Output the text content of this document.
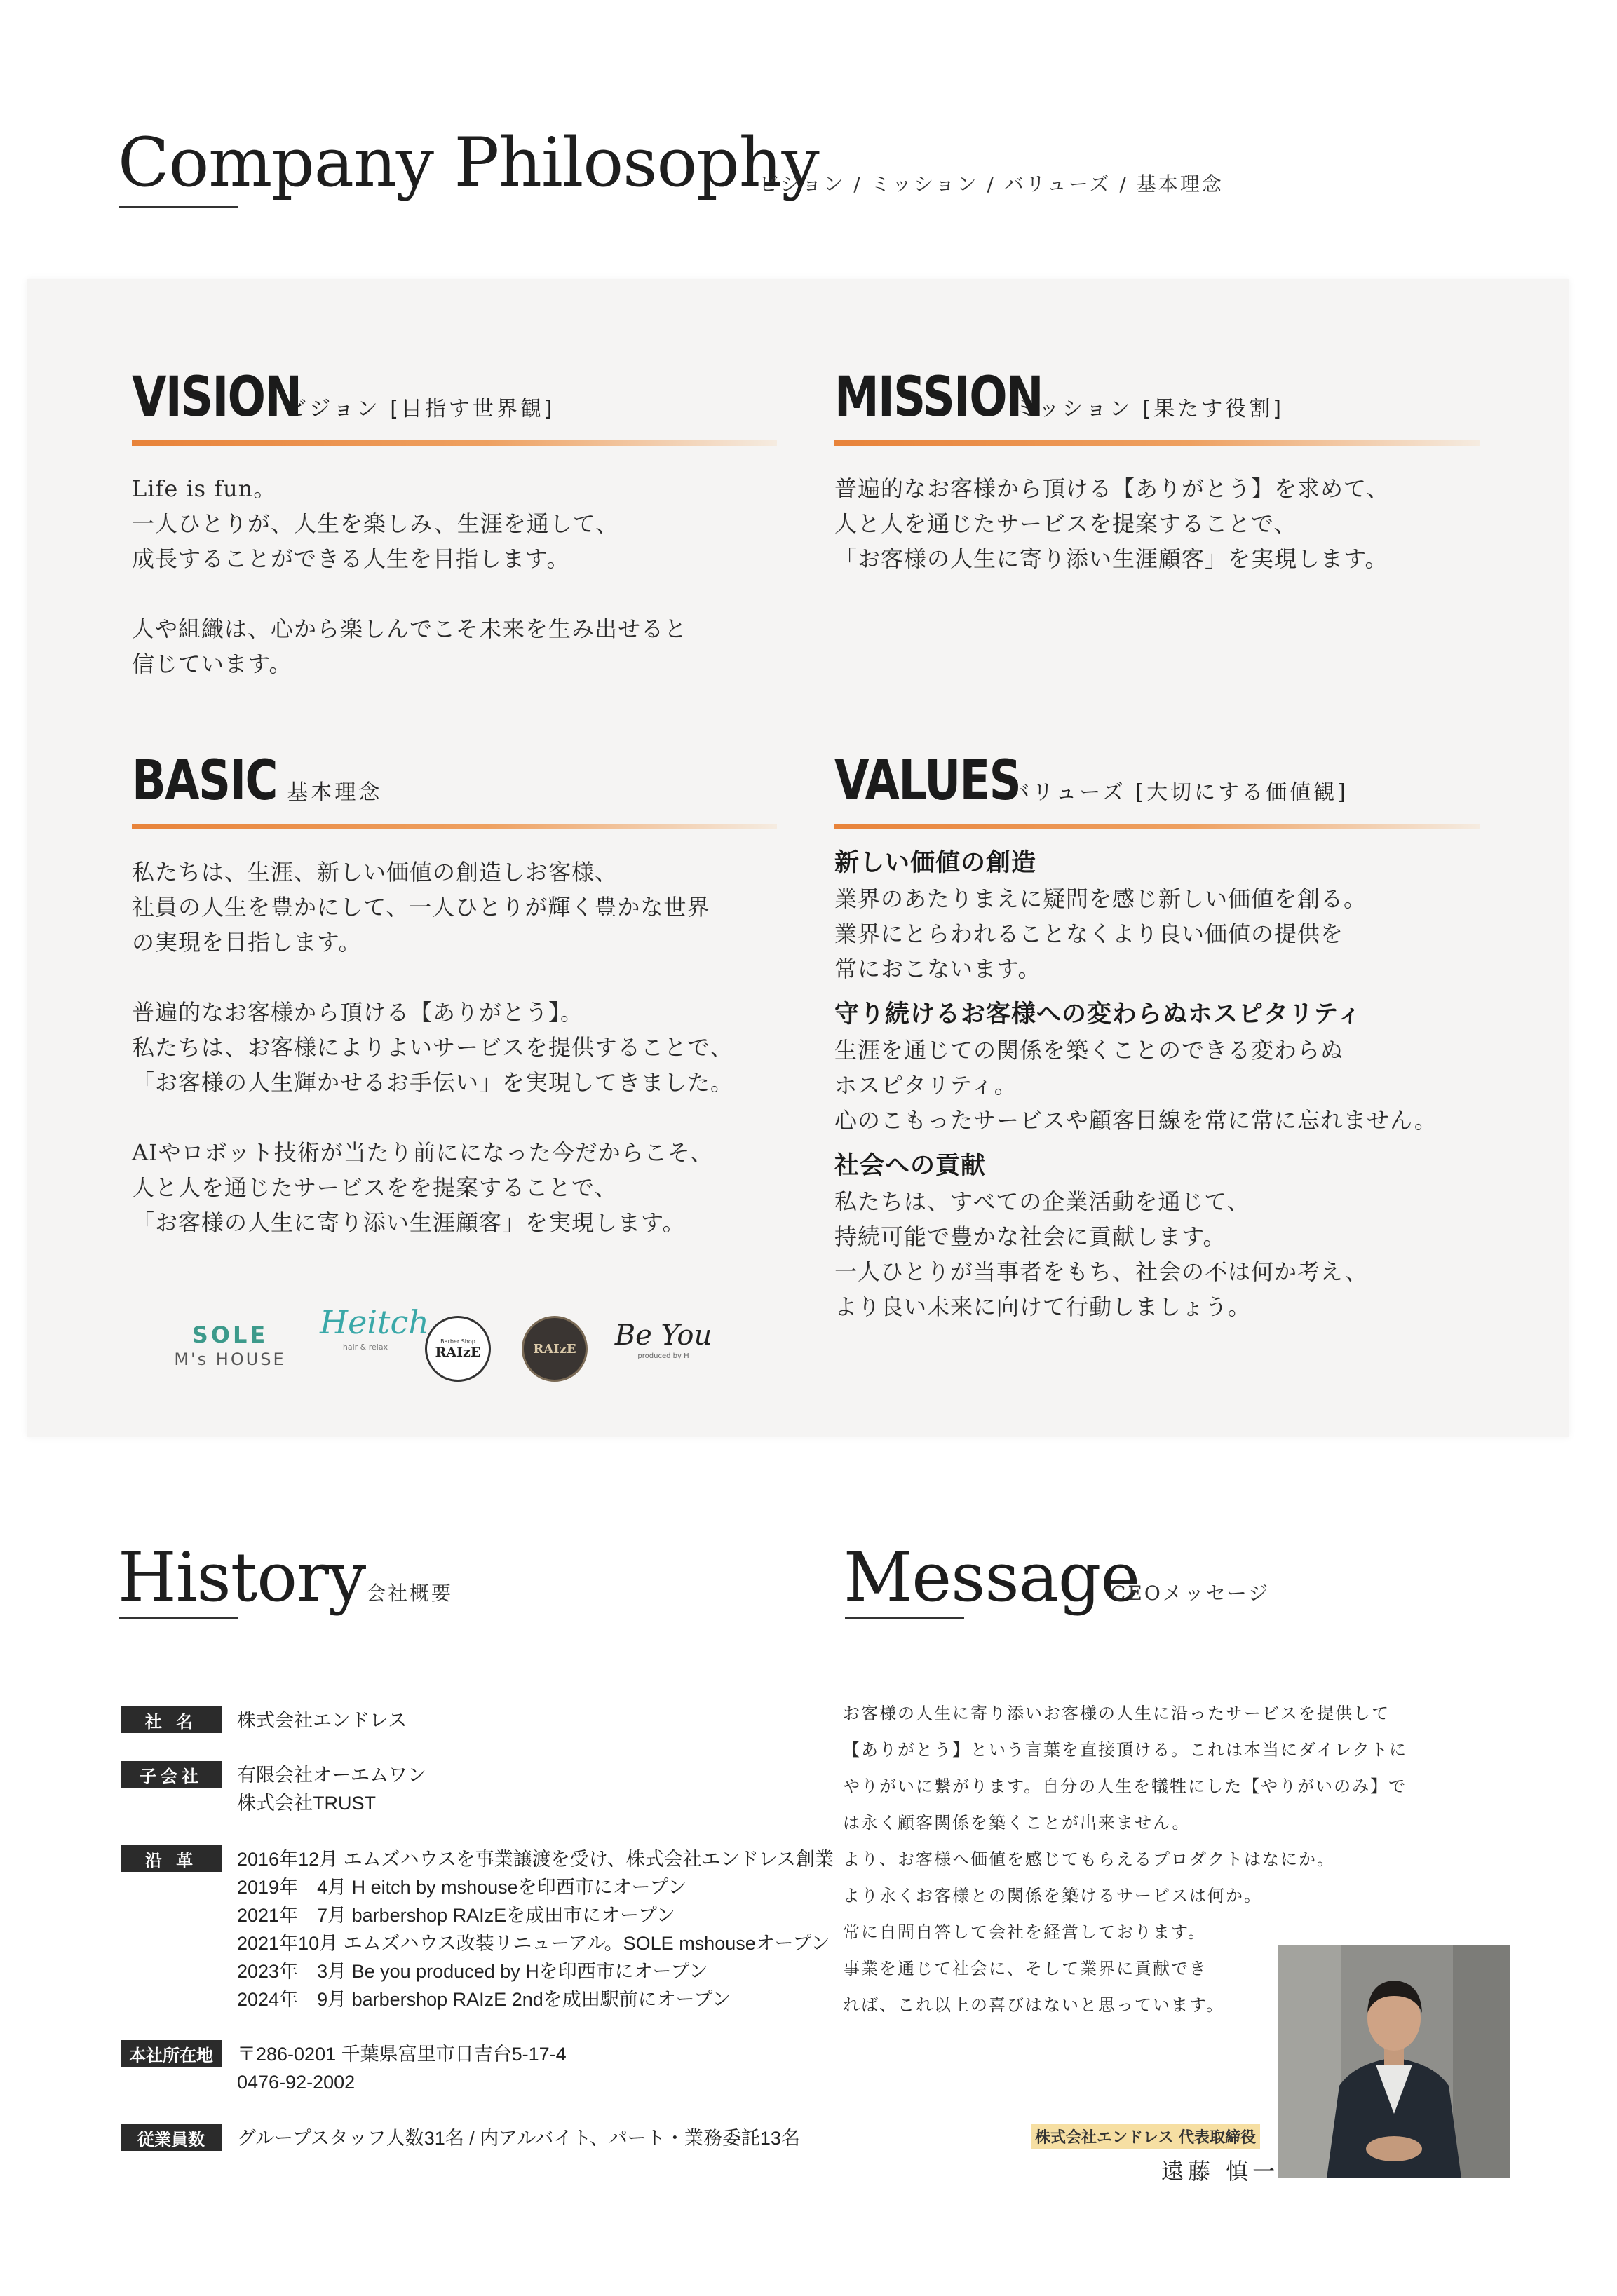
Company Philosophy
ビジョン / ミッション / バリューズ / 基本理念
VISION ビジョン [目指す世界観]

Life is fun。
一人ひとりが、人生を楽しみ、生涯を通して、
成長することができる人生を目指します。

人や組織は、心から楽しんでこそ未来を生み出せると
信じています。

MISSION ミッション [果たす役割]

普遍的なお客様から頂ける【ありがとう】を求めて、
人と人を通じたサービスを提案することで、
「お客様の人生に寄り添い生涯顧客」を実現します。

BASIC 基本理念

私たちは、生涯、新しい価値の創造しお客様、
社員の人生を豊かにして、一人ひとりが輝く豊かな世界
の実現を目指します。

普遍的なお客様から頂ける【ありがとう】。
私たちは、お客様によりよいサービスを提供することで、
「お客様の人生輝かせるお手伝い」を実現してきました。

AIやロボット技術が当たり前にになった今だからこそ、
人と人を通じたサービスをを提案することで、
「お客様の人生に寄り添い生涯顧客」を実現します。

VALUES バリューズ [大切にする価値観]
新しい価値の創造
業界のあたりまえに疑問を感じ新しい価値を創る。
業界にとらわれることなくより良い価値の提供を
常におこないます。
守り続けるお客様への変わらぬホスピタリティ
生涯を通じての関係を築くことのできる変わらぬ
ホスピタリティ。
心のこもったサービスや顧客目線を常に常に忘れません。
社会への貢献
私たちは、すべての企業活動を通じて、
持続可能で豊かな社会に貢献します。
一人ひとりが当事者をもち、社会の不は何か考え、
より良い未来に向けて行動しましょう。
SOLE
M's HOUSE
Heitch
hair & relax
Barber Shop
RAIzE	RAIzE Be You
produced by H
History 会社概要	Message
CEOメッセージ
社 名	株式会社エンドレス
子会社	有限会社オーエムワン
株式会社TRUST
沿 革	2016年12月 エムズハウスを事業譲渡を受け、株式会社エンドレス創業
2019年　4月 H eitch by mshouseを印西市にオープン
2021年　7月 barbershop RAIzEを成田市にオープン
2021年10月 エムズハウス改装リニューアル。SOLE mshouseオープン
2023年　3月 Be you produced by Hを印西市にオープン
2024年　9月 barbershop RAIzE 2ndを成田駅前にオープン
本社所在地	〒286-0201 千葉県富里市日吉台5-17-4
0476-92-2002
従業員数	グループスタッフ人数31名 / 内アルバイト、パート・業務委託13名
お客様の人生に寄り添いお客様の人生に沿ったサービスを提供して
【ありがとう】という言葉を直接頂ける。これは本当にダイレクトに
やりがいに繋がります。自分の人生を犠牲にした【やりがいのみ】で
は永く顧客関係を築くことが出来ません。
より、お客様へ価値を感じてもらえるプロダクトはなにか。
より永くお客様との関係を築けるサービスは何か。
常に自問自答して会社を経営しております。
事業を通じて社会に、そして業界に貢献でき
れば、これ以上の喜びはないと思っています。
株式会社エンドレス 代表取締役
遠藤 慎一
